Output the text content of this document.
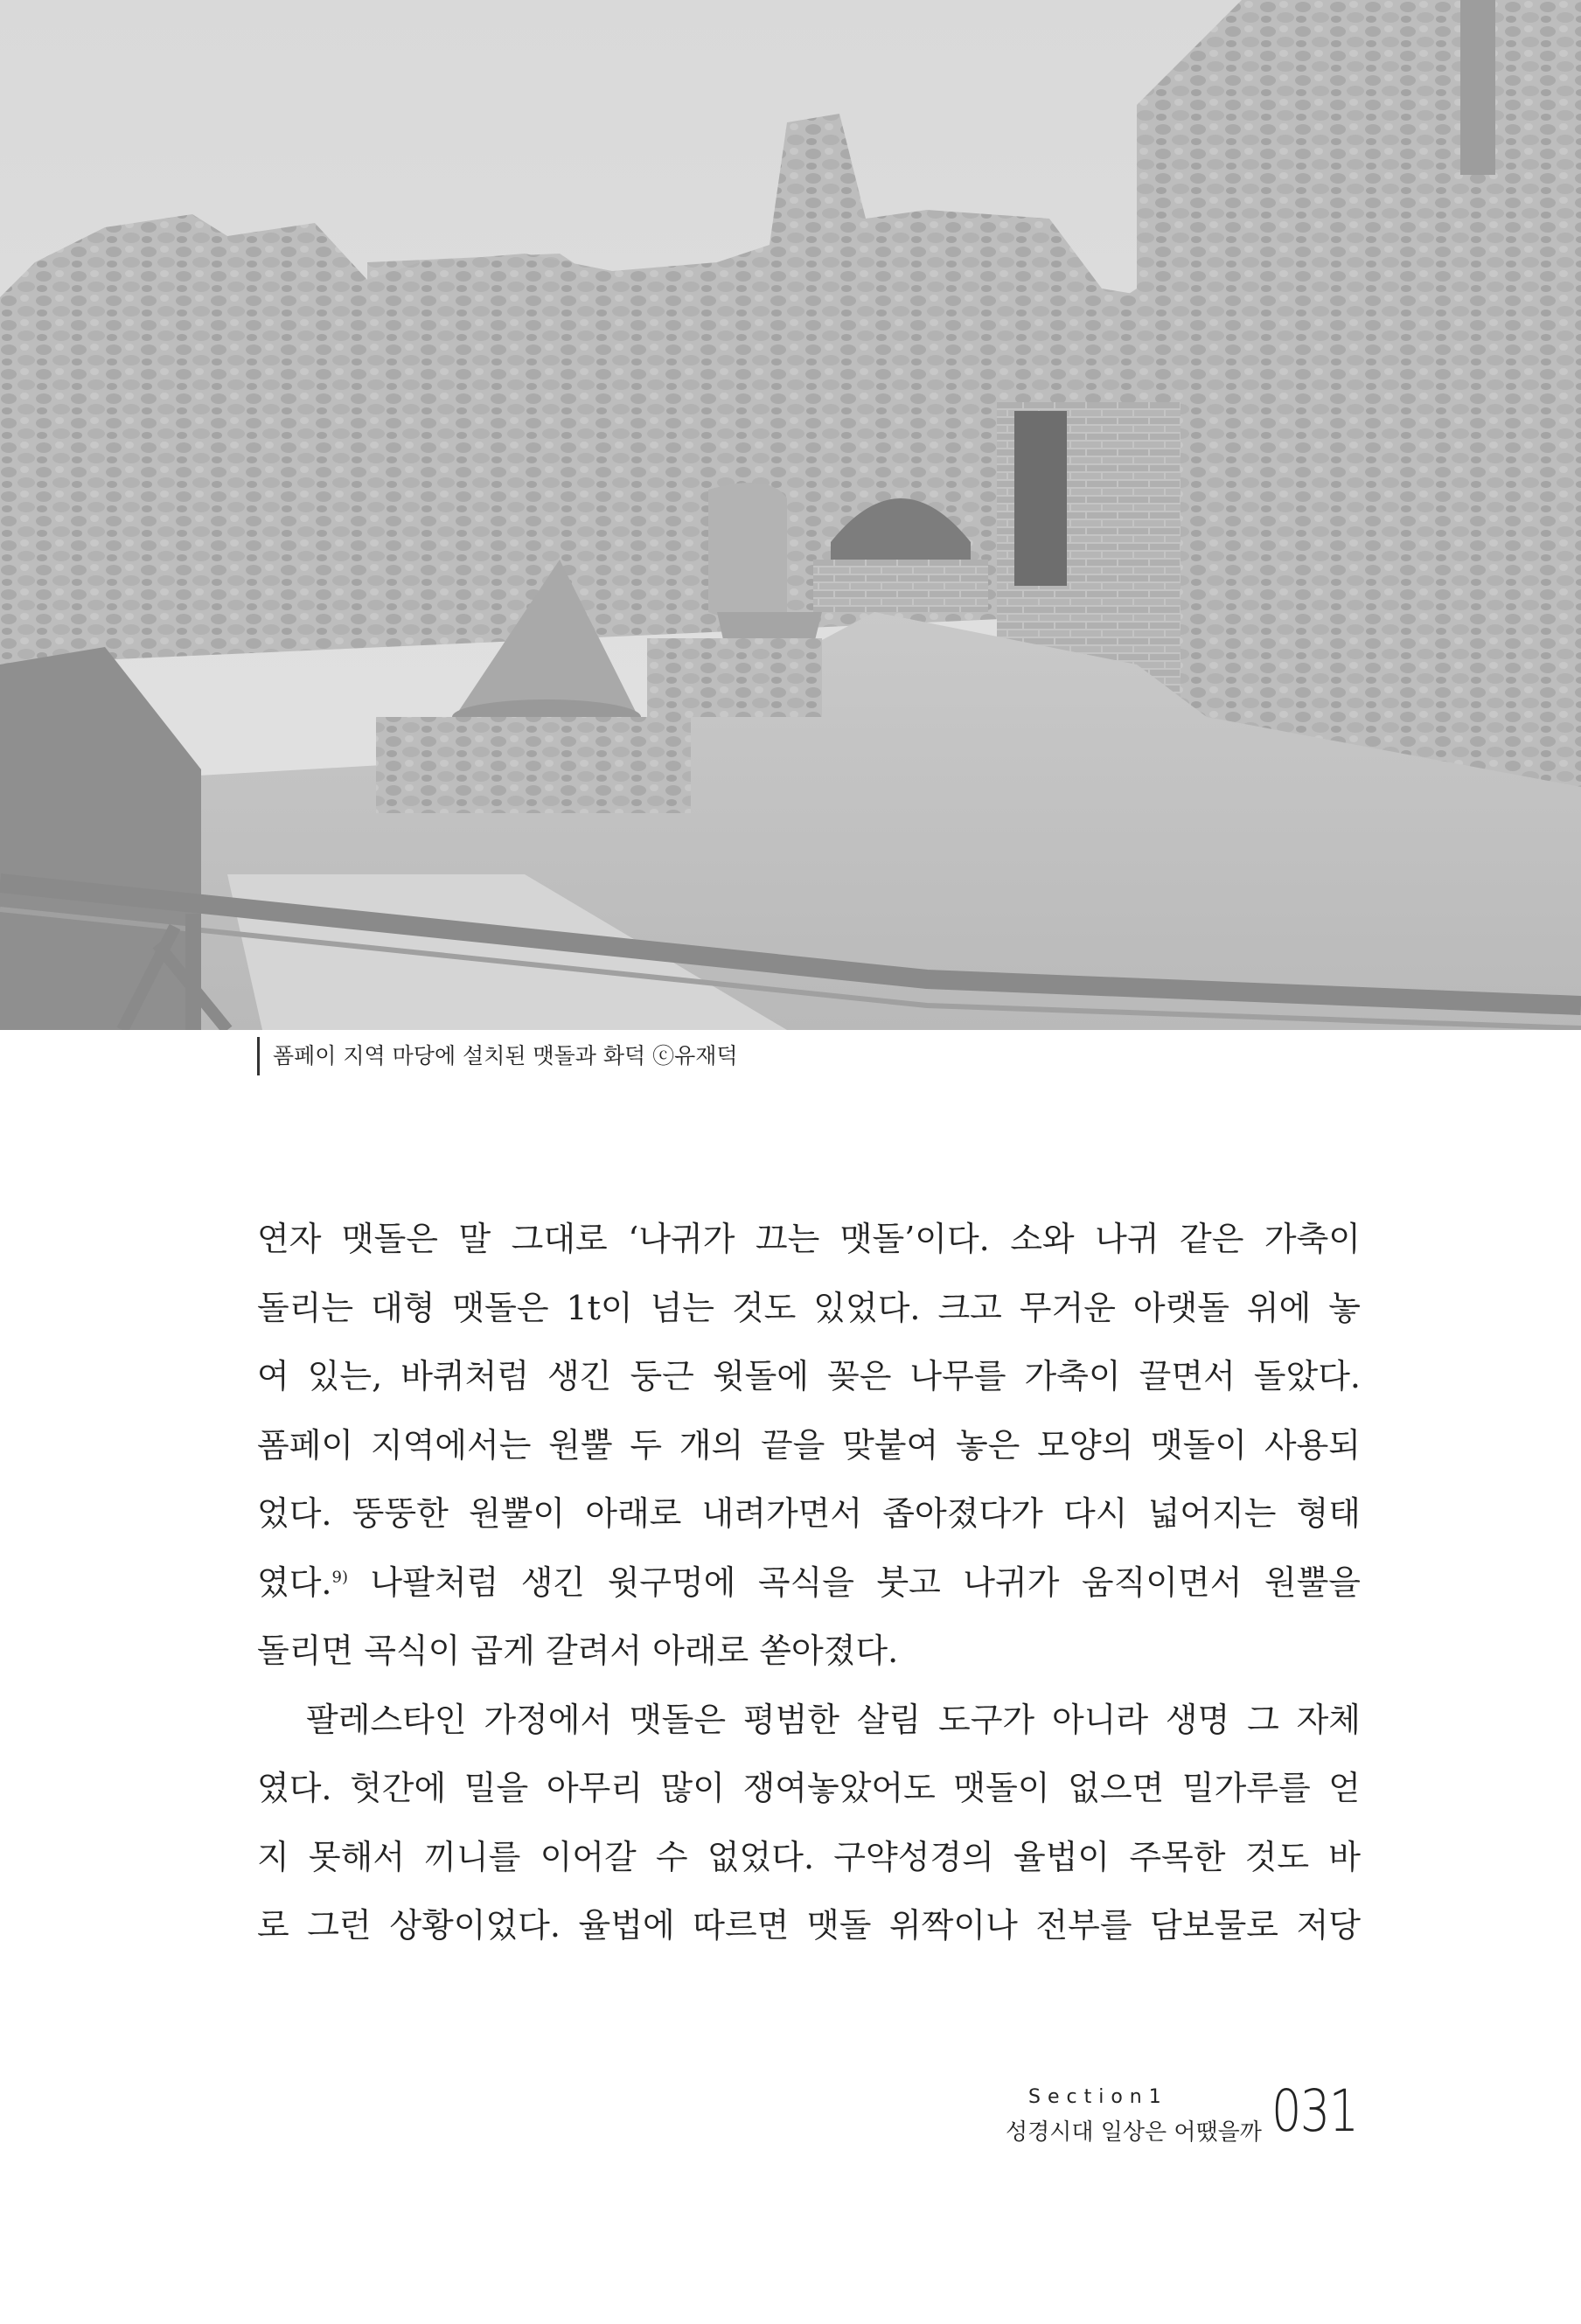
폼페이 지역 마당에 설치된 맷돌과 화덕 ⓒ유재덕
연자 맷돌은 말 그대로 ‘나귀가 끄는 맷돌’이다. 소와 나귀 같은 가축이
돌리는 대형 맷돌은 1t이 넘는 것도 있었다. 크고 무거운 아랫돌 위에 놓
여 있는, 바퀴처럼 생긴 둥근 윗돌에 꽂은 나무를 가축이 끌면서 돌았다.
폼페이 지역에서는 원뿔 두 개의 끝을 맞붙여 놓은 모양의 맷돌이 사용되
었다. 뚱뚱한 원뿔이 아래로 내려가면서 좁아졌다가 다시 넓어지는 형태
였다.$^{9)}$ 나팔처럼 생긴 윗구멍에 곡식을 붓고 나귀가 움직이면서 원뿔을
돌리면 곡식이 곱게 갈려서 아래로 쏟아졌다.
팔레스타인 가정에서 맷돌은 평범한 살림 도구가 아니라 생명 그 자체
였다. 헛간에 밀을 아무리 많이 쟁여놓았어도 맷돌이 없으면 밀가루를 얻
지 못해서 끼니를 이어갈 수 없었다. 구약성경의 율법이 주목한 것도 바
로 그런 상황이었다. 율법에 따르면 맷돌 위짝이나 전부를 담보물로 저당
Section1
성경시대 일상은 어땠을까 031
